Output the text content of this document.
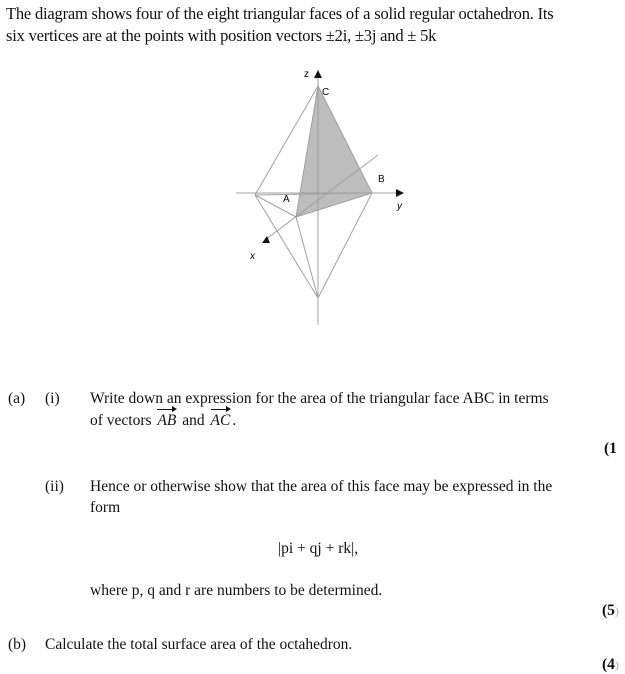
The diagram shows four of the eight triangular faces of a solid regular octahedron. Its
six vertices are at the points with position vectors ±2i, ±3j and ± 5k
z
C
B
A
y
x
(a) (i) Write down an expression for the area of the triangular face ABC in terms
of vectors AB and AC .
(1
(ii) Hence or otherwise show that the area of this face may be expressed in the
form
|pi + qj + rk|,
where p, q and r are numbers to be determined.
(5)
(b) Calculate the total surface area of the octahedron.
(4)
